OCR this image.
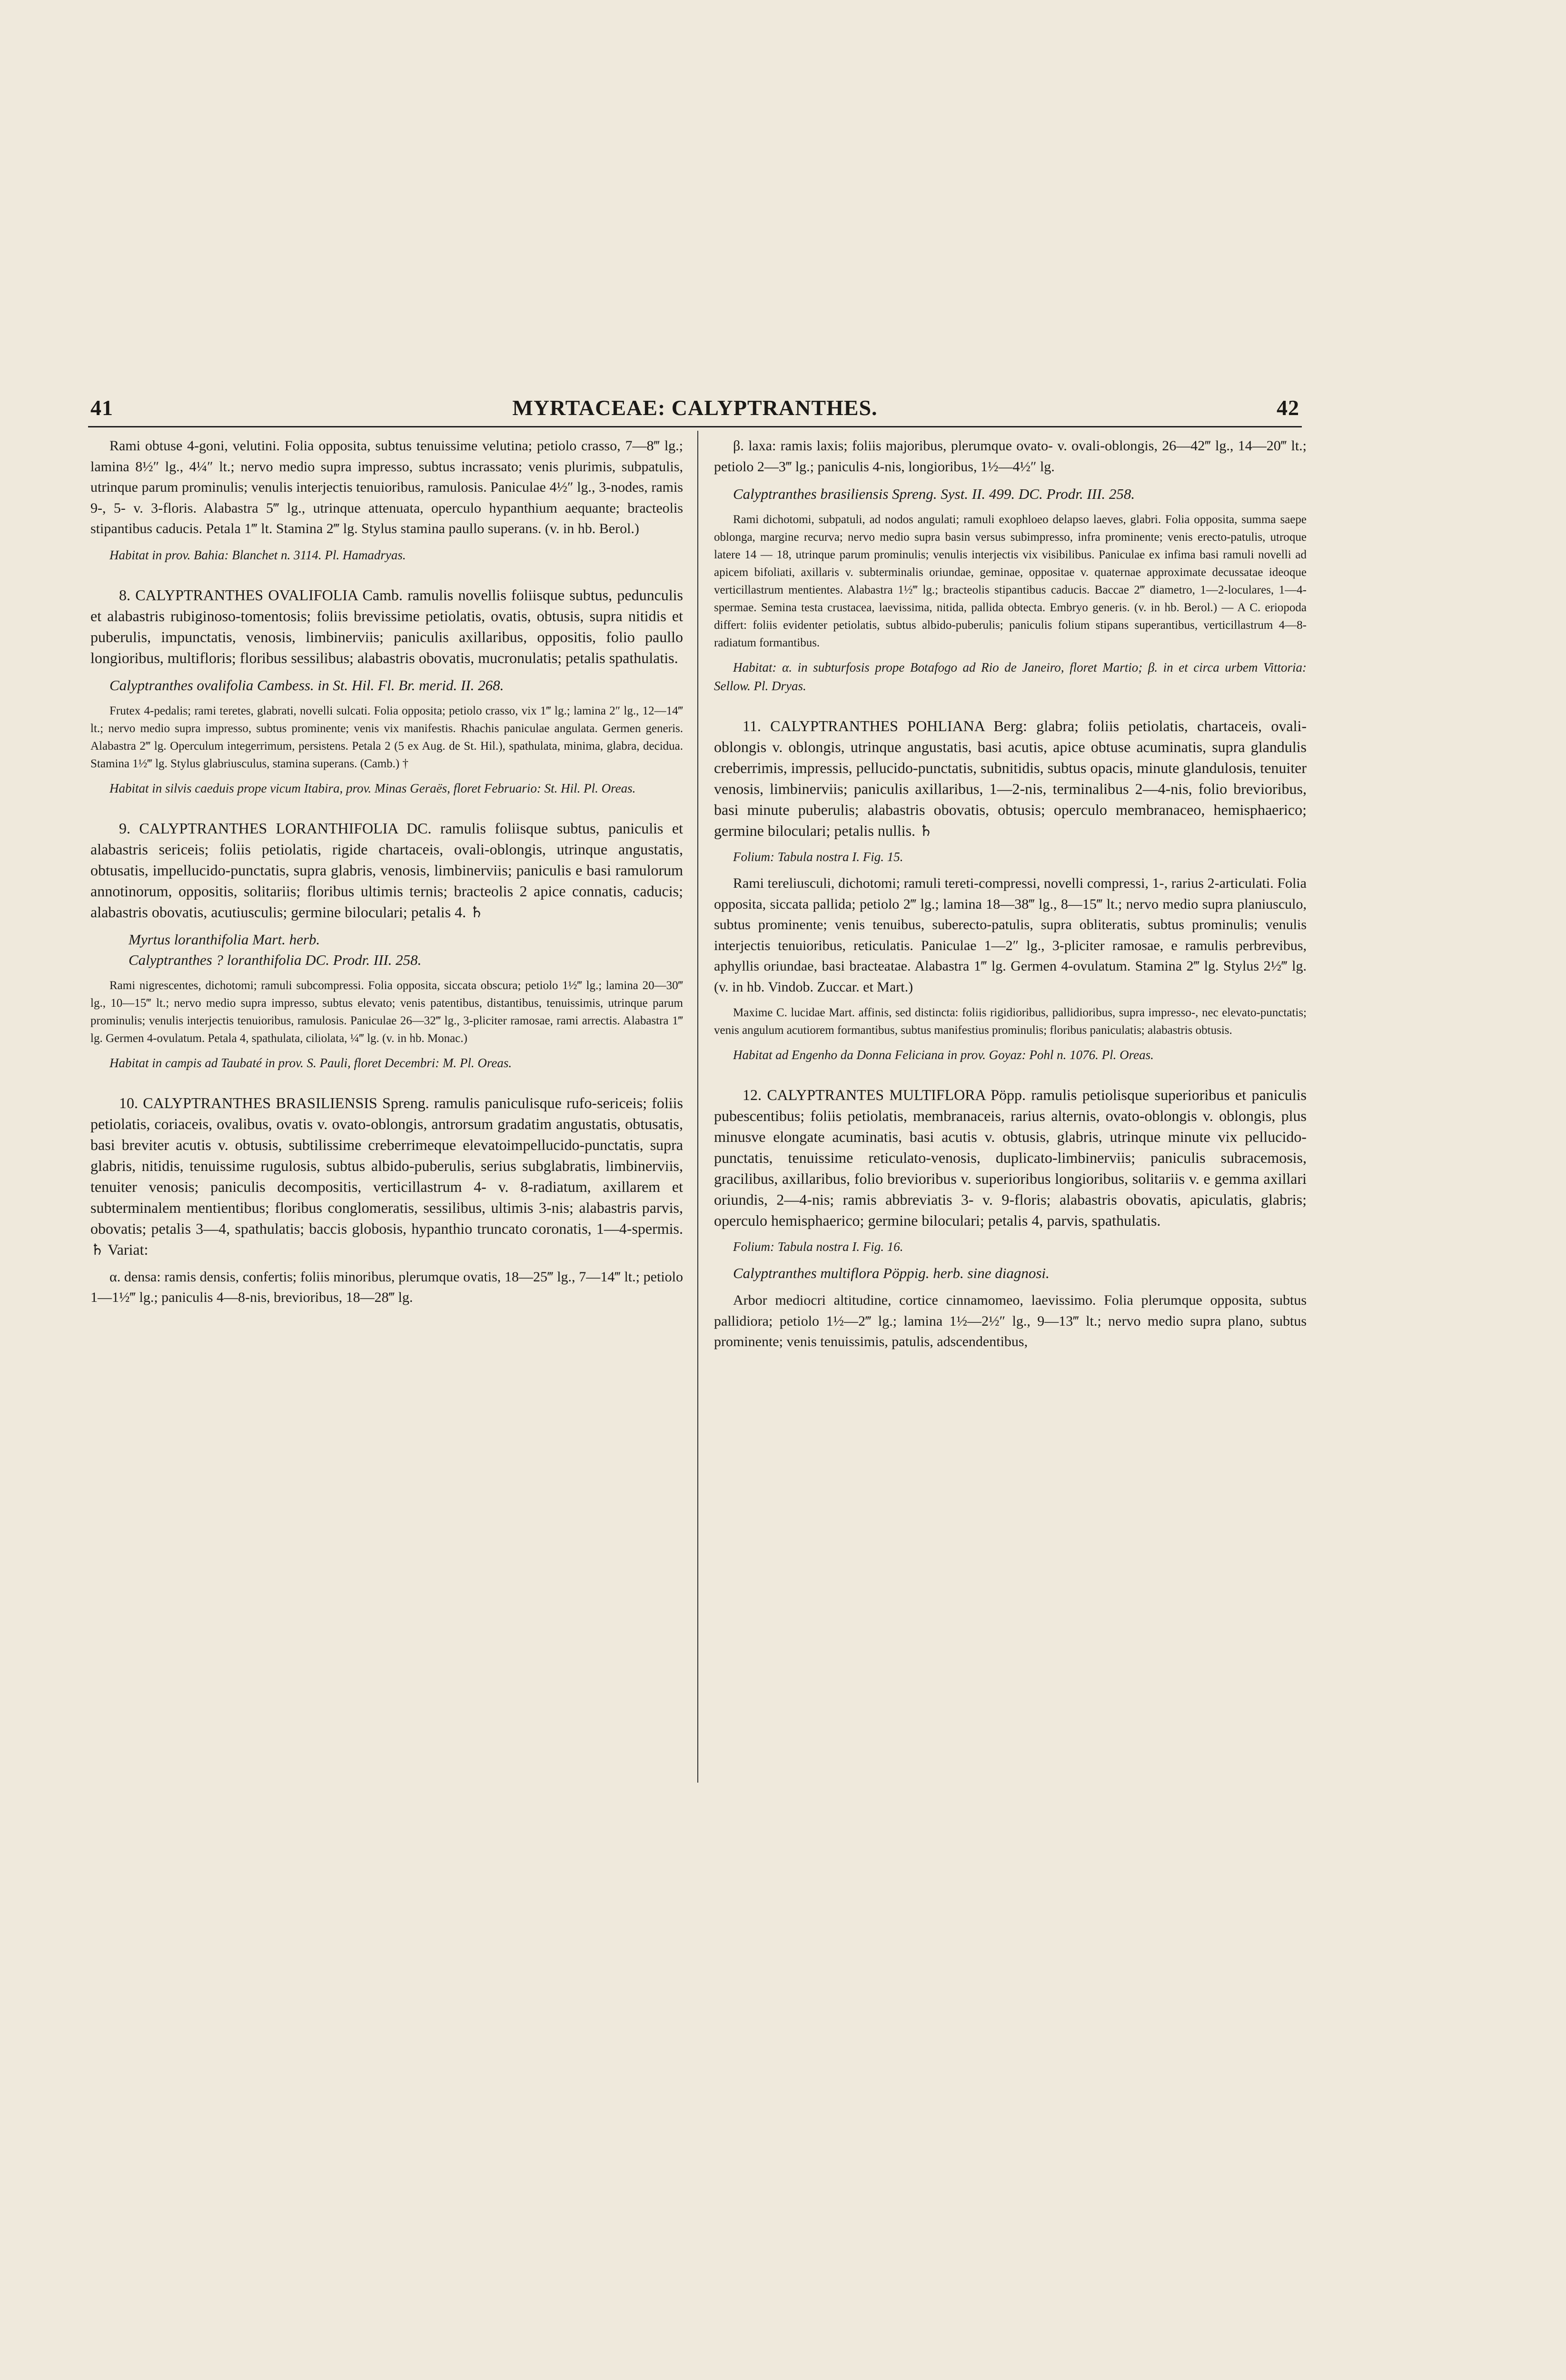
41	MYRTACEAE: CALYPTRANTHES.	42

Rami obtuse 4-goni, velutini. Folia opposita, subtus tenuissime velutina; petiolo crasso, 7—8‴ lg.; lamina 8½″ lg., 4¼″ lt.; nervo medio supra impresso, subtus incrassato; venis plurimis, subpatulis, utrinque parum prominulis; venulis interjectis tenuioribus, ramulosis. Paniculae 4½″ lg., 3-nodes, ramis 9-, 5- v. 3-floris. Alabastra 5‴ lg., utrinque attenuata, operculo hypanthium aequante; bracteolis stipantibus caducis. Petala 1‴ lt. Stamina 2‴ lg. Stylus stamina paullo superans. (v. in hb. Berol.)

Habitat in prov. Bahia: Blanchet n. 3114. Pl. Hamadryas.

8. CALYPTRANTHES OVALIFOLIA Camb. ramulis novellis foliisque subtus, pedunculis et alabastris rubiginoso-tomentosis; foliis brevissime petiolatis, ovatis, obtusis, supra nitidis et puberulis, impunctatis, venosis, limbinerviis; paniculis axillaribus, oppositis, folio paullo longioribus, multifloris; floribus sessilibus; alabastris obovatis, mucronulatis; petalis spathulatis.

Calyptranthes ovalifolia Cambess. in St. Hil. Fl. Br. merid. II. 268.

Frutex 4-pedalis; rami teretes, glabrati, novelli sulcati. Folia opposita; petiolo crasso, vix 1‴ lg.; lamina 2″ lg., 12—14‴ lt.; nervo medio supra impresso, subtus prominente; venis vix manifestis. Rhachis paniculae angulata. Germen generis. Alabastra 2‴ lg. Operculum integerrimum, persistens. Petala 2 (5 ex Aug. de St. Hil.), spathulata, minima, glabra, decidua. Stamina 1½‴ lg. Stylus glabriusculus, stamina superans. (Camb.) †

Habitat in silvis caeduis prope vicum Itabira, prov. Minas Geraës, floret Februario: St. Hil. Pl. Oreas.

9. CALYPTRANTHES LORANTHIFOLIA DC. ramulis foliisque subtus, paniculis et alabastris sericeis; foliis petiolatis, rigide chartaceis, ovali-oblongis, utrinque angustatis, obtusatis, impellucido-punctatis, supra glabris, venosis, limbinerviis; paniculis e basi ramulorum annotinorum, oppositis, solitariis; floribus ultimis ternis; bracteolis 2 apice connatis, caducis; alabastris obovatis, acutiusculis; germine biloculari; petalis 4. ♄

Myrtus loranthifolia Mart. herb.

Calyptranthes ? loranthifolia DC. Prodr. III. 258.

Rami nigrescentes, dichotomi; ramuli subcompressi. Folia opposita, siccata obscura; petiolo 1½‴ lg.; lamina 20—30‴ lg., 10—15‴ lt.; nervo medio supra impresso, subtus elevato; venis patentibus, distantibus, tenuissimis, utrinque parum prominulis; venulis interjectis tenuioribus, ramulosis. Paniculae 26—32‴ lg., 3-pliciter ramosae, rami arrectis. Alabastra 1‴ lg. Germen 4-ovulatum. Petala 4, spathulata, ciliolata, ¼‴ lg. (v. in hb. Monac.)

Habitat in campis ad Taubaté in prov. S. Pauli, floret Decembri: M. Pl. Oreas.

10. CALYPTRANTHES BRASILIENSIS Spreng. ramulis paniculisque rufo-sericeis; foliis petiolatis, coriaceis, ovalibus, ovatis v. ovato-oblongis, antrorsum gradatim angustatis, obtusatis, basi breviter acutis v. obtusis, subtilissime creberrimeque elevatoimpellucido-punctatis, supra glabris, nitidis, tenuissime rugulosis, subtus albido-puberulis, serius subglabratis, limbinerviis, tenuiter venosis; paniculis decompositis, verticillastrum 4- v. 8-radiatum, axillarem et subterminalem mentientibus; floribus conglomeratis, sessilibus, ultimis 3-nis; alabastris parvis, obovatis; petalis 3—4, spathulatis; baccis globosis, hypanthio truncato coronatis, 1—4-spermis. ♄ Variat:

α. densa: ramis densis, confertis; foliis minoribus, plerumque ovatis, 18—25‴ lg., 7—14‴ lt.; petiolo 1—1½‴ lg.; paniculis 4—8-nis, brevioribus, 18—28‴ lg.

β. laxa: ramis laxis; foliis majoribus, plerumque ovato- v. ovali-oblongis, 26—42‴ lg., 14—20‴ lt.; petiolo 2—3‴ lg.; paniculis 4-nis, longioribus, 1½—4½″ lg.

Calyptranthes brasiliensis Spreng. Syst. II. 499. DC. Prodr. III. 258.

Rami dichotomi, subpatuli, ad nodos angulati; ramuli exophloeo delapso laeves, glabri. Folia opposita, summa saepe oblonga, margine recurva; nervo medio supra basin versus subimpresso, infra prominente; venis erecto-patulis, utroque latere 14 — 18, utrinque parum prominulis; venulis interjectis vix visibilibus. Paniculae ex infima basi ramuli novelli ad apicem bifoliati, axillaris v. subterminalis oriundae, geminae, oppositae v. quaternae approximate decussatae ideoque verticillastrum mentientes. Alabastra 1½‴ lg.; bracteolis stipantibus caducis. Baccae 2‴ diametro, 1—2-loculares, 1—4-spermae. Semina testa crustacea, laevissima, nitida, pallida obtecta. Embryo generis. (v. in hb. Berol.) — A C. eriopoda differt: foliis evidenter petiolatis, subtus albido-puberulis; paniculis folium stipans superantibus, verticillastrum 4—8-radiatum formantibus.

Habitat: α. in subturfosis prope Botafogo ad Rio de Janeiro, floret Martio; β. in et circa urbem Vittoria: Sellow. Pl. Dryas.

11. CALYPTRANTHES POHLIANA Berg: glabra; foliis petiolatis, chartaceis, ovali-oblongis v. oblongis, utrinque angustatis, basi acutis, apice obtuse acuminatis, supra glandulis creberrimis, impressis, pellucido-punctatis, subnitidis, subtus opacis, minute glandulosis, tenuiter venosis, limbinerviis; paniculis axillaribus, 1—2-nis, terminalibus 2—4-nis, folio brevioribus, basi minute puberulis; alabastris obovatis, obtusis; operculo membranaceo, hemisphaerico; germine biloculari; petalis nullis. ♄

Folium: Tabula nostra I. Fig. 15.

Rami tereliusculi, dichotomi; ramuli tereti-compressi, novelli compressi, 1-, rarius 2-articulati. Folia opposita, siccata pallida; petiolo 2‴ lg.; lamina 18—38‴ lg., 8—15‴ lt.; nervo medio supra planiusculo, subtus prominente; venis tenuibus, suberecto-patulis, supra obliteratis, subtus prominulis; venulis interjectis tenuioribus, reticulatis. Paniculae 1—2″ lg., 3-pliciter ramosae, e ramulis perbrevibus, aphyllis oriundae, basi bracteatae. Alabastra 1‴ lg. Germen 4-ovulatum. Stamina 2‴ lg. Stylus 2½‴ lg. (v. in hb. Vindob. Zuccar. et Mart.)

Maxime C. lucidae Mart. affinis, sed distincta: foliis rigidioribus, pallidioribus, supra impresso-, nec elevato-punctatis; venis angulum acutiorem formantibus, subtus manifestius prominulis; floribus paniculatis; alabastris obtusis.

Habitat ad Engenho da Donna Feliciana in prov. Goyaz: Pohl n. 1076. Pl. Oreas.

12. CALYPTRANTES MULTIFLORA Pöpp. ramulis petiolisque superioribus et paniculis pubescentibus; foliis petiolatis, membranaceis, rarius alternis, ovato-oblongis v. oblongis, plus minusve elongate acuminatis, basi acutis v. obtusis, glabris, utrinque minute vix pellucido-punctatis, tenuissime reticulato-venosis, duplicato-limbinerviis; paniculis subracemosis, gracilibus, axillaribus, folio brevioribus v. superioribus longioribus, solitariis v. e gemma axillari oriundis, 2—4-nis; ramis abbreviatis 3- v. 9-floris; alabastris obovatis, apiculatis, glabris; operculo hemisphaerico; germine biloculari; petalis 4, parvis, spathulatis.

Folium: Tabula nostra I. Fig. 16.

Calyptranthes multiflora Pöppig. herb. sine diagnosi.

Arbor mediocri altitudine, cortice cinnamomeo, laevissimo. Folia plerumque opposita, subtus pallidiora; petiolo 1½—2‴ lg.; lamina 1½—2½″ lg., 9—13‴ lt.; nervo medio supra plano, subtus prominente; venis tenuissimis, patulis, adscendentibus,
